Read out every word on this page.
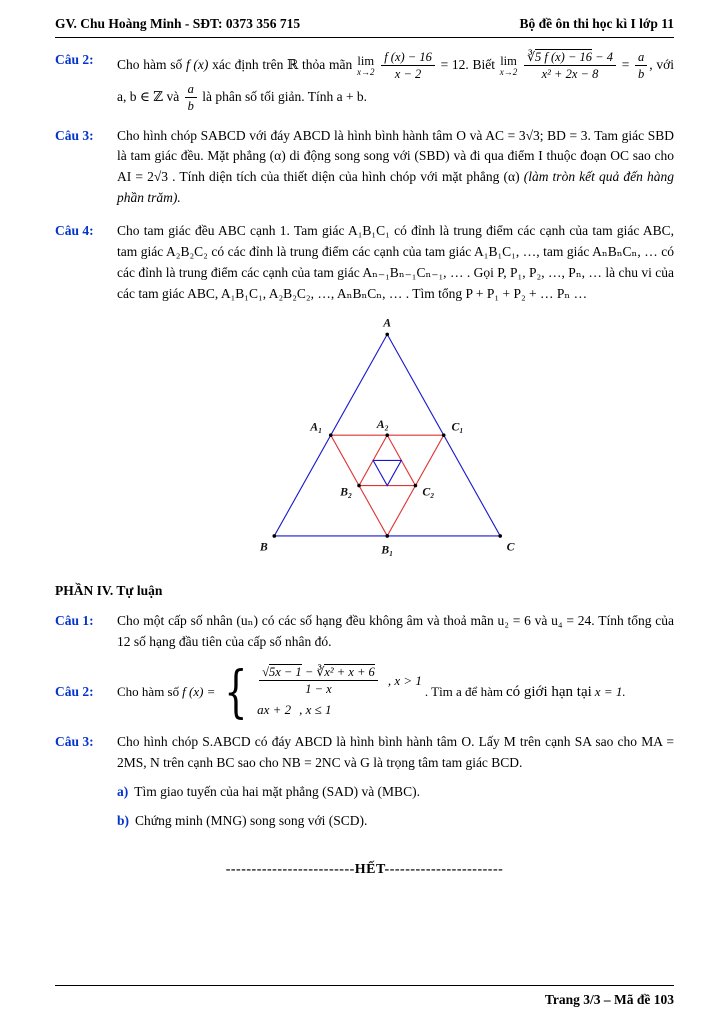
GV. Chu Hoàng Minh - SĐT: 0373 356 715	Bộ đề ôn thi học kì I lớp 11
Câu 2:	Cho hàm số f (x) xác định trên ℝ thỏa mãn lim
x→2
$\frac{f (x) - 16}{x - 2} = 12$. Biết lim
x→2
$\frac{∛5 f (x) - 16 - 4}{\text{x² + 2x − 8}} = \frac{a}{b}$ , với a, b ∈ ℤ và $\frac{a}{b}$ là phân số tối giản. Tính a + b.
Câu 3:	Cho hình chóp SABCD với đáy ABCD là hình bình hành tâm O và AC = 3√3; BD = 3. Tam giác SBD là tam giác đều. Mặt phẳng (α) di động song song với (SBD) và đi qua điểm I thuộc đoạn OC sao cho AI = 2√3 . Tính diện tích của thiết diện của hình chóp với mặt phẳng (α) (làm tròn kết quả đến hàng phần trăm).
Câu 4:	Cho tam giác đều ABC cạnh 1. Tam giác A₁B₁C₁ có đỉnh là trung điểm các cạnh của tam giác ABC, tam giác A₂B₂C₂ có các đỉnh là trung điểm các cạnh của tam giác A₁B₁C₁, …, tam giác AₙBₙCₙ, … có các đỉnh là trung điểm các cạnh của tam giác Aₙ₋₁Bₙ₋₁Cₙ₋₁, … . Gọi P, P₁, P₂, …, Pₙ, … là chu vi của các tam giác ABC, A₁B₁C₁, A₂B₂C₂, …, AₙBₙCₙ, … . Tìm tổng P + P₁ + P₂ + … Pₙ …
A
A₁	A₂	C₁
B₂	C₂
B	B₁	C
PHẦN IV. Tự luận
Câu 1:	Cho một cấp số nhân (uₙ) có các số hạng đều không âm và thoả mãn u₂ = 6 và u₄ = 24. Tính tổng của 12 số hạng đầu tiên của cấp số nhân đó.
Câu 2:	Cho hàm số f (x) = { $\frac{\text{√5x − 1 − ∛x² + x + 6}}{1 - x}$ , x > 1
ax + 2 , x ≤ 1
. Tìm a để hàm có giới hạn tại x = 1.
Câu 3:	Cho hình chóp S.ABCD có đáy ABCD là hình bình hành tâm O. Lấy M trên cạnh SA sao cho MA = 2MS, N trên cạnh BC sao cho NB = 2NC và G là trọng tâm tam giác BCD.
a) Tìm giao tuyến của hai mặt phẳng (SAD) và (MBC).
b) Chứng minh (MNG) song song với (SCD).
-------------------------HẾT-----------------------
Trang 3/3 – Mã đề 103
